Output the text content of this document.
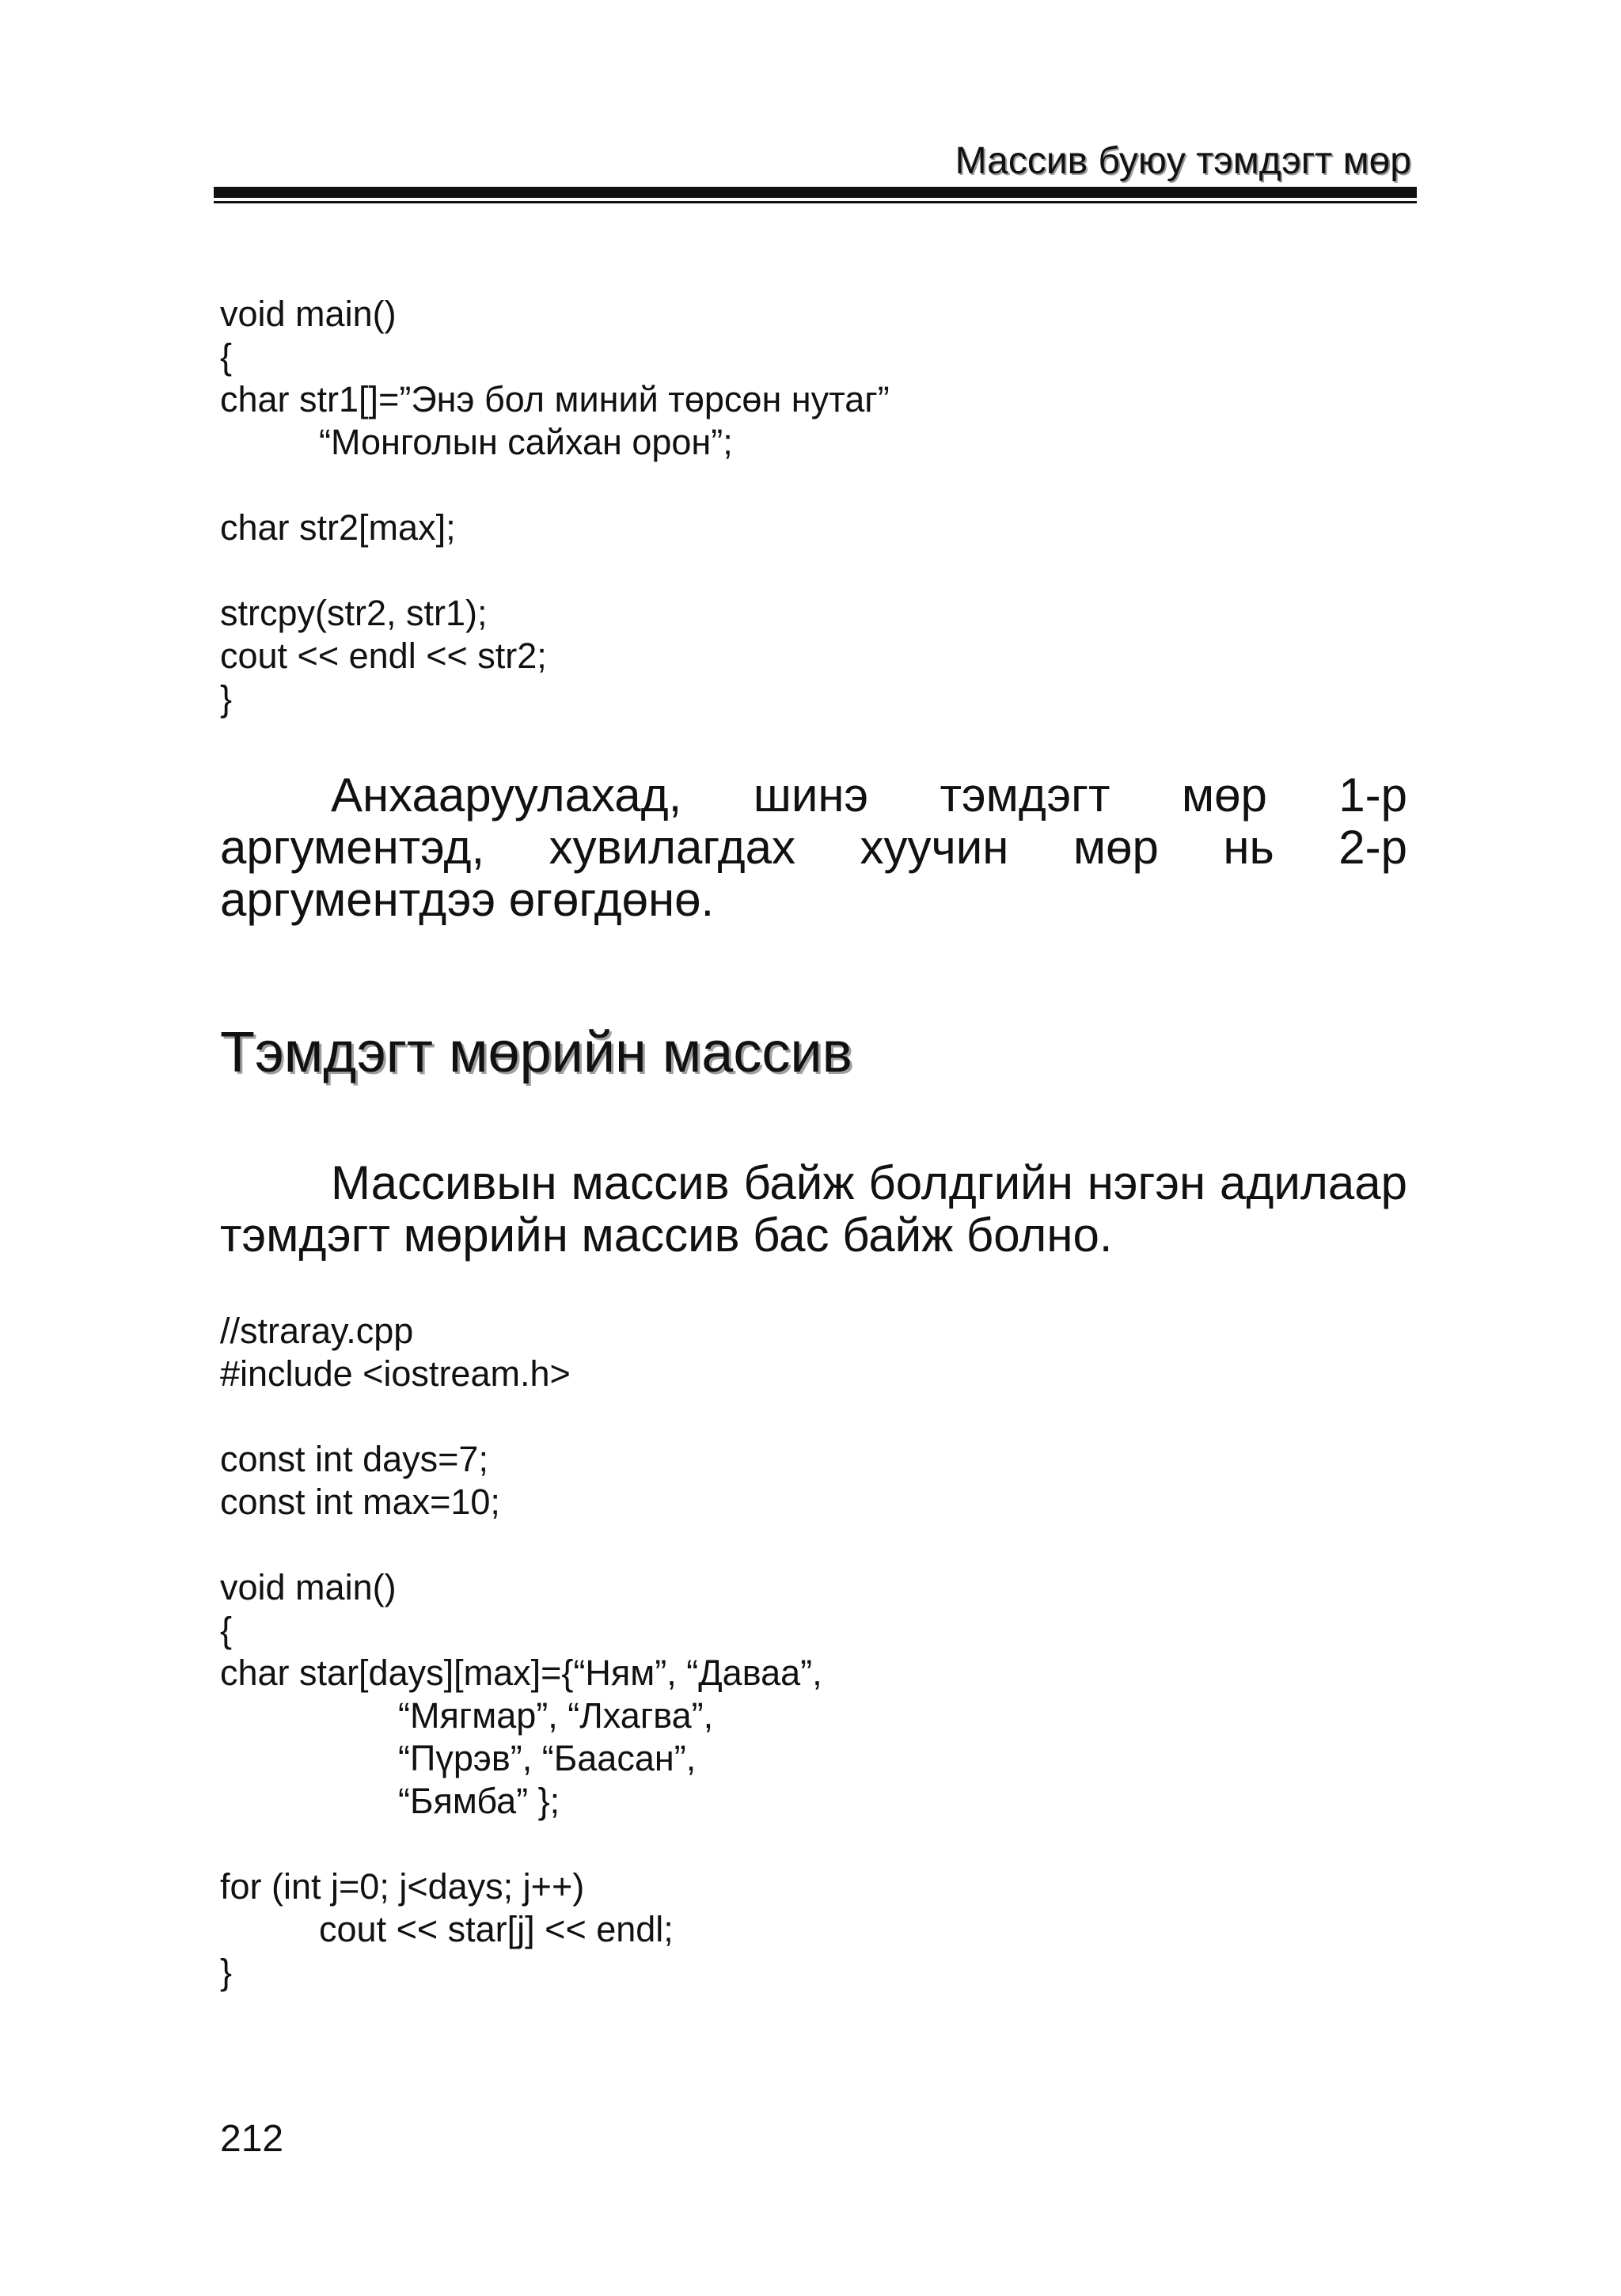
Массив буюу тэмдэгт мөр
void main()
{
char str1[]=”Энэ бол миний төрсөн нутаг”
“Монголын сайхан орон”;

char str2[max];

strcpy(str2, str1);
cout << endl << str2;
}

Анхааруулахад, шинэ тэмдэгт мөр 1-р аргументэд, хувилагдах хуучин мөр нь 2-р аргументдээ өгөгдөнө.

Тэмдэгт мөрийн массив

Массивын массив байж болдгийн нэгэн адилаар тэмдэгт мөрийн массив бас байж болно.

//straray.cpp
#include <iostream.h>

const int days=7;
const int max=10;

void main()
{
char star[days][max]={“Ням”, “Даваа”,
“Мягмар”, “Лхагва”,
“Пүрэв”, “Баасан”,
“Бямба” };

for (int j=0; j<days; j++)
cout << star[j] << endl;
}
212
